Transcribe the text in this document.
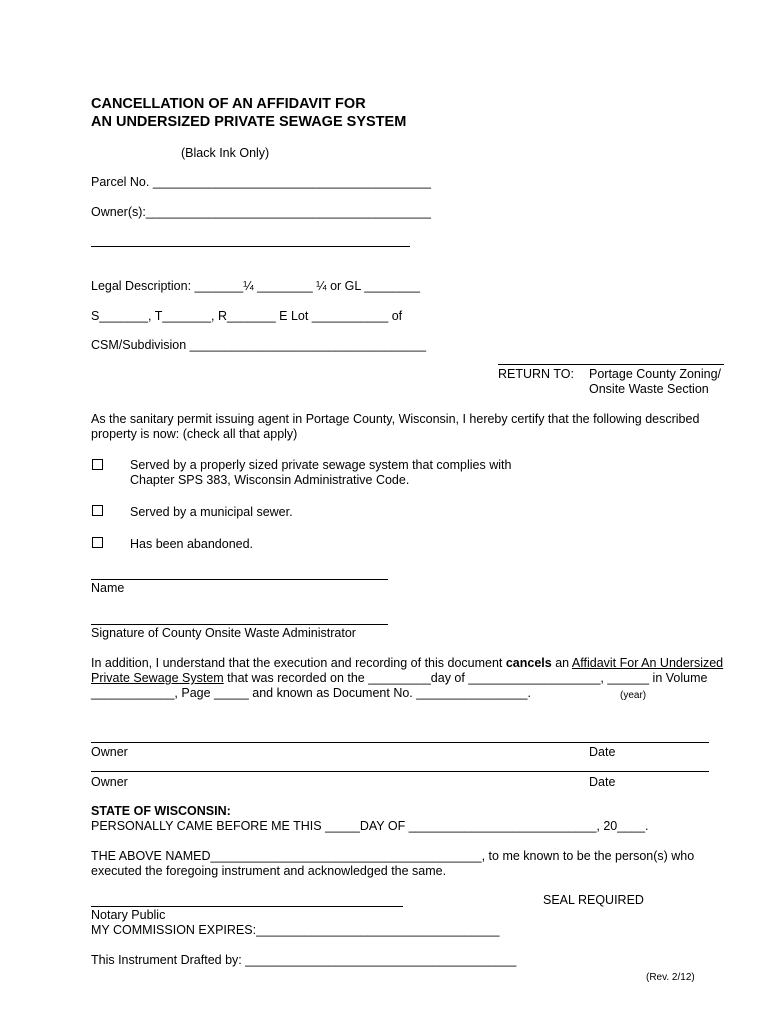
CANCELLATION OF AN AFFIDAVIT FOR
AN UNDERSIZED PRIVATE SEWAGE SYSTEM
(Black Ink Only)
Parcel No. ________________________________________
Owner(s):_________________________________________
Legal Description: _______¼ ________ ¼ or GL ________
S_______, T_______, R_______ E Lot ___________ of
CSM/Subdivision __________________________________
RETURN TO: Portage County Zoning/
Onsite Waste Section
As the sanitary permit issuing agent in Portage County, Wisconsin, I hereby certify that the following described
property is now: (check all that apply)
Served by a properly sized private sewage system that complies with
Chapter SPS 383, Wisconsin Administrative Code.
Served by a municipal sewer.
Has been abandoned.
Name
Signature of County Onsite Waste Administrator
In addition, I understand that the execution and recording of this document cancels an Affidavit For An Undersized
Private Sewage System that was recorded on the _________day of ___________________, ______ in Volume
____________, Page _____ and known as Document No. ________________.	(year)
Owner	Date
Owner	Date
STATE OF WISCONSIN:
PERSONALLY CAME BEFORE ME THIS _____DAY OF ___________________________, 20____.
THE ABOVE NAMED_______________________________________, to me known to be the person(s) who
executed the foregoing instrument and acknowledged the same.
SEAL REQUIRED
Notary Public
MY COMMISSION EXPIRES:___________________________________
This Instrument Drafted by: _______________________________________
(Rev. 2/12)
